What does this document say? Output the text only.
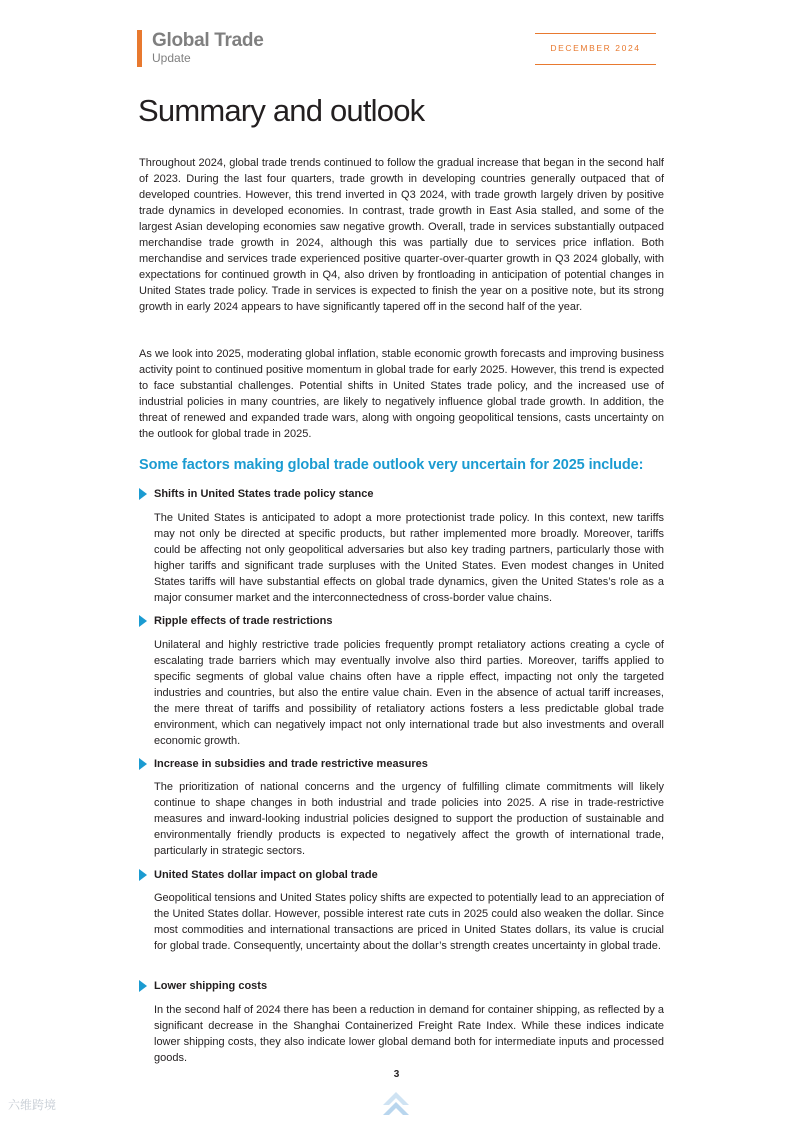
Global Trade
Update
DECEMBER 2024
Summary and outlook

Throughout 2024, global trade trends continued to follow the gradual increase that began in the second half of 2023. During the last four quarters, trade growth in developing countries generally outpaced that of developed countries. However, this trend inverted in Q3 2024, with trade growth largely driven by positive trade dynamics in developed economies. In contrast, trade growth in East Asia stalled, and some of the largest Asian developing economies saw negative growth. Overall, trade in services substantially outpaced merchandise trade growth in 2024, although this was partially due to services price inflation. Both merchandise and services trade experienced positive quarter-over-quarter growth in Q3 2024 globally, with expectations for continued growth in Q4, also driven by frontloading in anticipation of potential changes in United States trade policy. Trade in services is expected to finish the year on a positive note, but its strong growth in early 2024 appears to have significantly tapered off in the second half of the year.

As we look into 2025, moderating global inflation, stable economic growth forecasts and improving business activity point to continued positive momentum in global trade for early 2025. However, this trend is expected to face substantial challenges. Potential shifts in United States trade policy, and the increased use of industrial policies in many countries, are likely to negatively influence global trade growth. In addition, the threat of renewed and expanded trade wars, along with ongoing geopolitical tensions, casts uncertainty on the outlook for global trade in 2025.

Some factors making global trade outlook very uncertain for 2025 include:
Shifts in United States trade policy stance

The United States is anticipated to adopt a more protectionist trade policy. In this context, new tariffs may not only be directed at specific products, but rather implemented more broadly. Moreover, tariffs could be affecting not only geopolitical adversaries but also key trading partners, particularly those with higher tariffs and significant trade surpluses with the United States. Even modest changes in United States tariffs will have substantial effects on global trade dynamics, given the United States’s role as a major consumer market and the interconnectedness of cross-border value chains.

Ripple effects of trade restrictions

Unilateral and highly restrictive trade policies frequently prompt retaliatory actions creating a cycle of escalating trade barriers which may eventually involve also third parties. Moreover, tariffs applied to specific segments of global value chains often have a ripple effect, impacting not only the targeted industries and countries, but also the entire value chain. Even in the absence of actual tariff increases, the mere threat of tariffs and possibility of retaliatory actions fosters a less predictable global trade environment, which can negatively impact not only international trade but also investments and overall economic growth.

Increase in subsidies and trade restrictive measures

The prioritization of national concerns and the urgency of fulfilling climate commitments will likely continue to shape changes in both industrial and trade policies into 2025. A rise in trade-restrictive measures and inward-looking industrial policies designed to support the production of sustainable and environmentally friendly products is expected to negatively affect the growth of international trade, particularly in strategic sectors.

United States dollar impact on global trade

Geopolitical tensions and United States policy shifts are expected to potentially lead to an appreciation of the United States dollar. However, possible interest rate cuts in 2025 could also weaken the dollar. Since most commodities and international transactions are priced in United States dollars, its value is crucial for global trade. Consequently, uncertainty about the dollar’s strength creates uncertainty in global trade.

Lower shipping costs

In the second half of 2024 there has been a reduction in demand for container shipping, as reflected by a significant decrease in the Shanghai Containerized Freight Rate Index. While these indices indicate lower shipping costs, they also indicate lower global demand both for intermediate inputs and processed goods.

3
六维跨境
